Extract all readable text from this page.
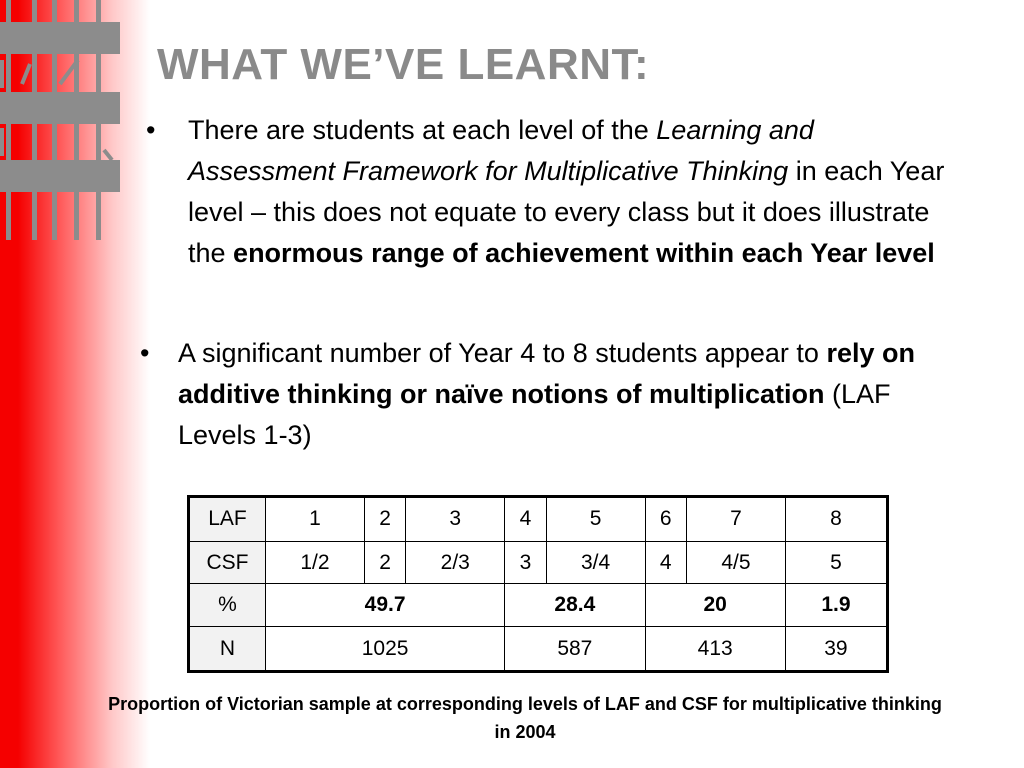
WHAT WE’VE LEARNT:
• There are students at each level of the Learning and Assessment Framework for Multiplicative Thinking in each Year level – this does not equate to every class but it does illustrate the enormous range of achievement within each Year level
• A significant number of Year 4 to 8 students appear to rely on additive thinking or naïve notions of multiplication (LAF Levels 1-3)
LAF	1	2	3	4	5	6	7	8
CSF	1/2	2	2/3	3	3/4	4	4/5	5
%	49.7			28.4		20		1.9
N	1025			587		413		39
Proportion of Victorian sample at corresponding levels of LAF and CSF for multiplicative thinking in 2004
